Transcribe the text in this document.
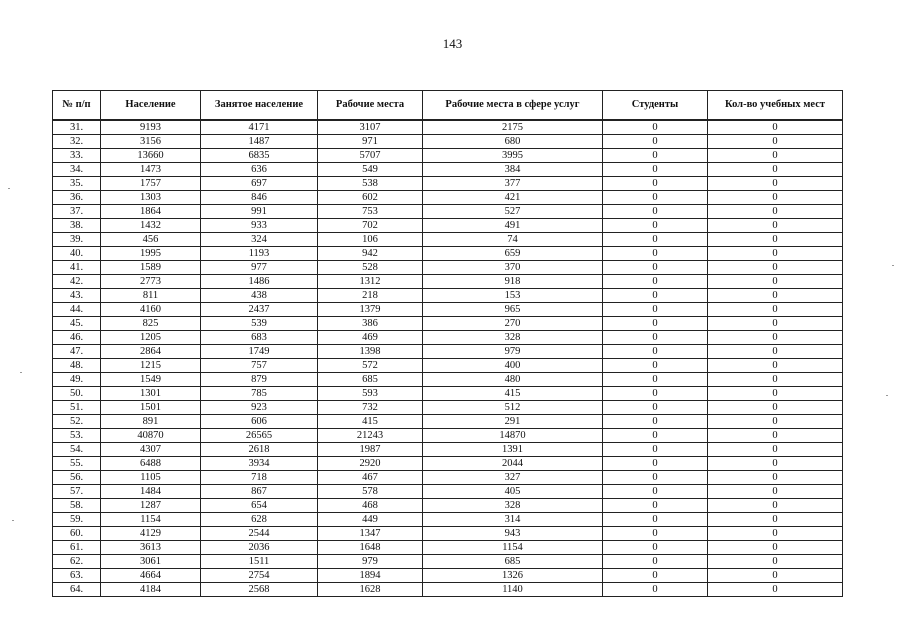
143
№ п/п	Население	Занятое население	Рабочие места	Рабочие места в сфере услуг	Студенты	Кол-во учебных мест
31.	9193	4171	3107	2175	0	0
32.	3156	1487	971	680	0	0
33.	13660	6835	5707	3995	0	0
34.	1473	636	549	384	0	0
35.	1757	697	538	377	0	0
36.	1303	846	602	421	0	0
37.	1864	991	753	527	0	0
38.	1432	933	702	491	0	0
39.	456	324	106	74	0	0
40.	1995	1193	942	659	0	0
41.	1589	977	528	370	0	0
42.	2773	1486	1312	918	0	0
43.	811	438	218	153	0	0
44.	4160	2437	1379	965	0	0
45.	825	539	386	270	0	0
46.	1205	683	469	328	0	0
47.	2864	1749	1398	979	0	0
48.	1215	757	572	400	0	0
49.	1549	879	685	480	0	0
50.	1301	785	593	415	0	0
51.	1501	923	732	512	0	0
52.	891	606	415	291	0	0
53.	40870	26565	21243	14870	0	0
54.	4307	2618	1987	1391	0	0
55.	6488	3934	2920	2044	0	0
56.	1105	718	467	327	0	0
57.	1484	867	578	405	0	0
58.	1287	654	468	328	0	0
59.	1154	628	449	314	0	0
60.	4129	2544	1347	943	0	0
61.	3613	2036	1648	1154	0	0
62.	3061	1511	979	685	0	0
63.	4664	2754	1894	1326	0	0
64.	4184	2568	1628	1140	0	0
